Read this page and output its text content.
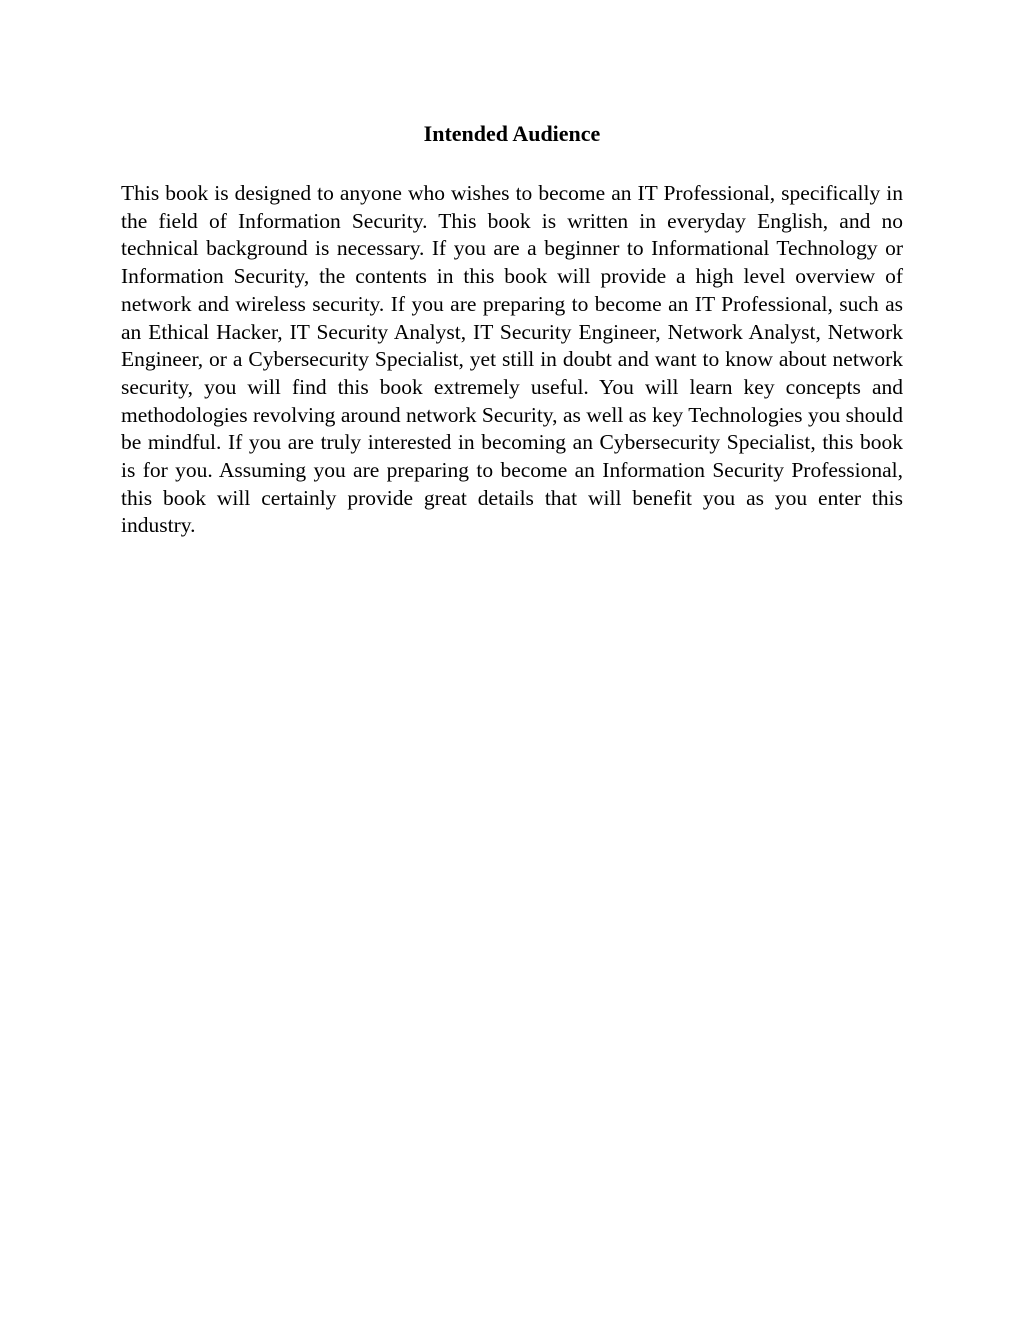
Intended Audience

This book is designed to anyone who wishes to become an IT Professional, specifically in the field of Information Security. This book is written in everyday English, and no technical background is necessary. If you are a beginner to Informational Technology or Information Security, the contents in this book will provide a high level overview of network and wireless security. If you are preparing to become an IT Professional, such as an Ethical Hacker, IT Security Analyst, IT Security Engineer, Network Analyst, Network Engineer, or a Cybersecurity Specialist, yet still in doubt and want to know about network security, you will find this book extremely useful. You will learn key concepts and methodologies revolving around network Security, as well as key Technologies you should be mindful. If you are truly interested in becoming an Cybersecurity Specialist, this book is for you. Assuming you are preparing to become an Information Security Professional, this book will certainly provide great details that will benefit you as you enter this industry.
